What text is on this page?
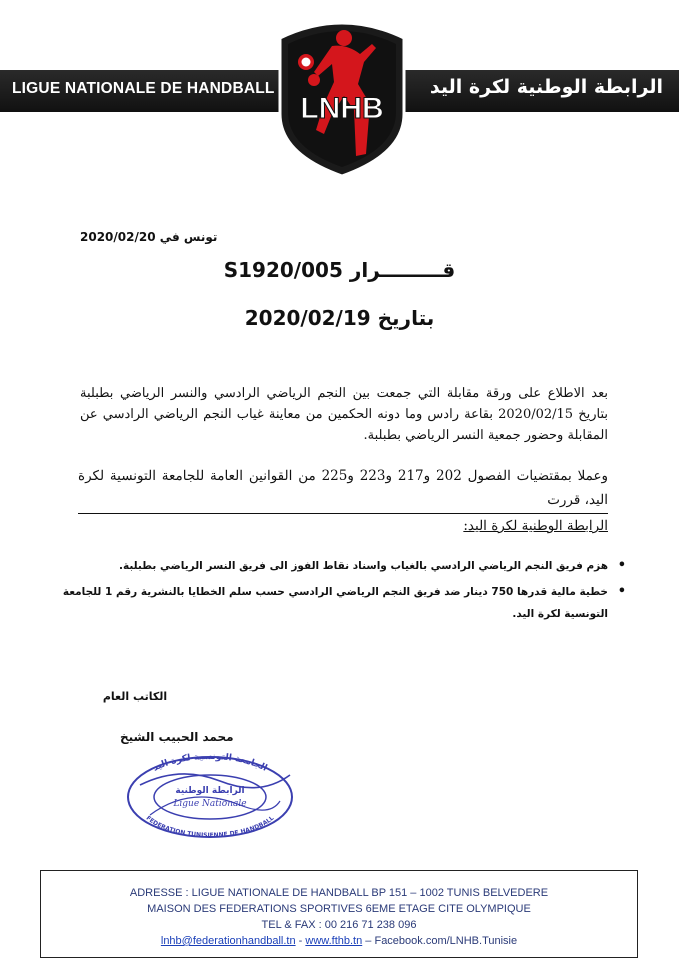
LIGUE NATIONALE DE HANDBALL	الرابطة الوطنية لكرة اليد
LNHB
تونس في 2020/02/20
قـــــــــرار S1920/005
بتاريخ 2020/02/19
بعد الاطلاع على ورقة مقابلة التي جمعت بين النجم الرياضي الرادسي والنسر الرياضي بطبلبة بتاريخ 2020/02/15 بقاعة رادس وما دونه الحكمين من معاينة غياب النجم الرياضي الرادسي عن المقابلة وحضور جمعية النسر الرياضي بطبلبة.
وعملا بمقتضيات الفصول 202 و217 و223 و225 من القوانين العامة للجامعة التونسية لكرة اليد، قررت
الرابطة الوطنية لكرة اليد:
• هزم فريق النجم الرياضي الرادسي بالغياب واسناد نقاط الفوز الى فريق النسر الرياضي بطبلبة.
• خطية مالية قدرها 750 دينار ضد فريق النجم الرياضي الرادسي حسب سلم الخطايا بالنشرية رقم 1 للجامعة التونسية لكرة اليد.
الكاتب العام
محمد الحبيب الشيخ
الجامعة التونسية لكرة اليد
الرابطة الوطنية
Ligue Nationale
FEDERATION TUNISIENNE DE HANDBALL
ADRESSE : LIGUE NATIONALE DE HANDBALL BP 151 – 1002 TUNIS BELVEDERE
MAISON DES FEDERATIONS SPORTIVES 6EME ETAGE CITE OLYMPIQUE
TEL & FAX : 00 216 71 238 096
lnhb@federationhandball.tn - www.fthb.tn – Facebook.com/LNHB.Tunisie
